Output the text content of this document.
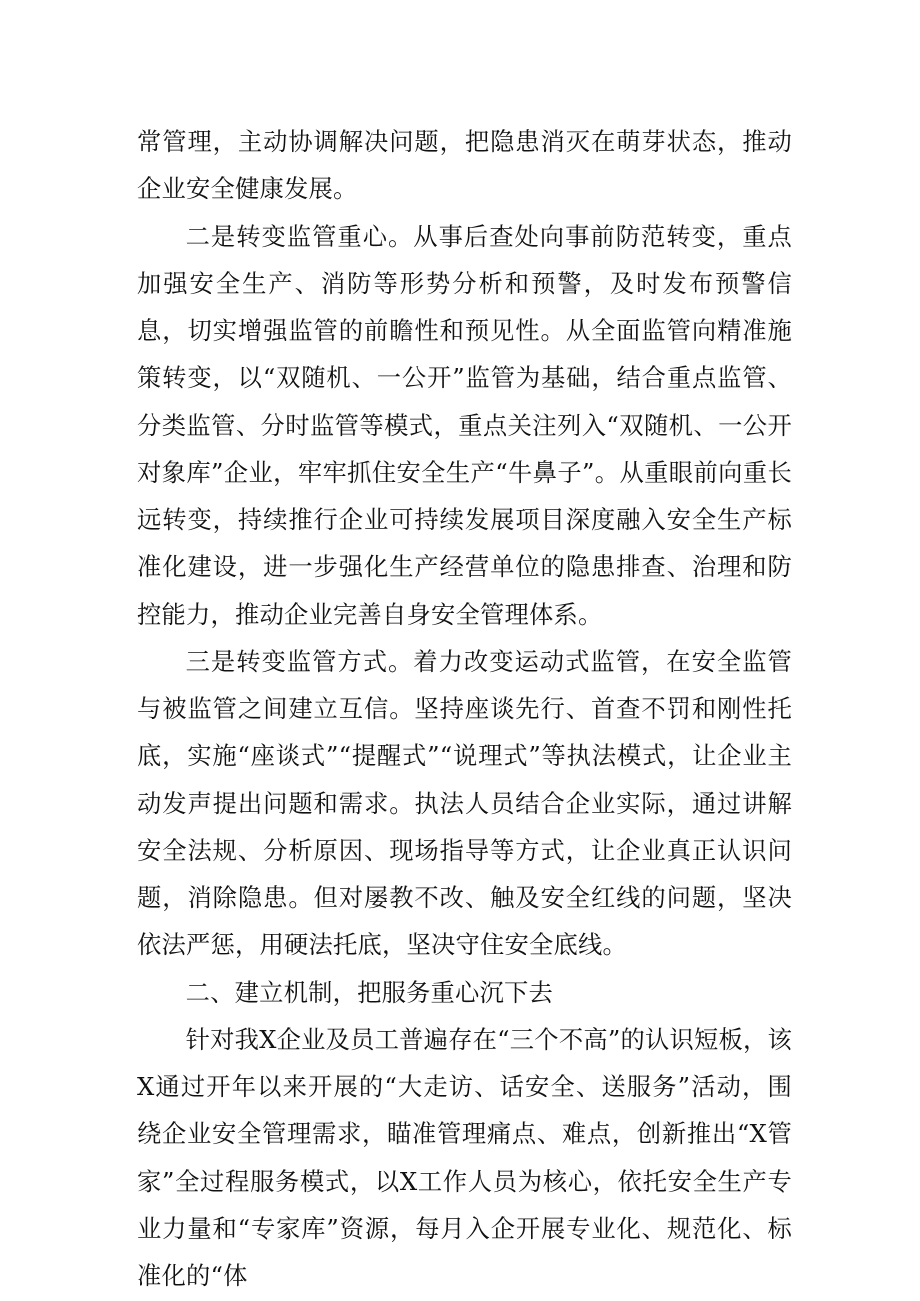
常管理，主动协调解决问题，把隐患消灭在萌芽状态，推动企业安全健康发展。

二是转变监管重心。从事后查处向事前防范转变，重点加强安全生产、消防等形势分析和预警，及时发布预警信息，切实增强监管的前瞻性和预见性。从全面监管向精准施策转变，以“双随机、一公开”监管为基础，结合重点监管、分类监管、分时监管等模式，重点关注列入“双随机、一公开对象库”企业，牢牢抓住安全生产“牛鼻子”。从重眼前向重长远转变，持续推行企业可持续发展项目深度融入安全生产标准化建设，进一步强化生产经营单位的隐患排查、治理和防控能力，推动企业完善自身安全管理体系。

三是转变监管方式。着力改变运动式监管，在安全监管与被监管之间建立互信。坚持座谈先行、首查不罚和刚性托底，实施“座谈式”“提醒式”“说理式”等执法模式，让企业主动发声提出问题和需求。执法人员结合企业实际，通过讲解安全法规、分析原因、现场指导等方式，让企业真正认识问题，消除隐患。但对屡教不改、触及安全红线的问题，坚决依法严惩，用硬法托底，坚决守住安全底线。

二、建立机制，把服务重心沉下去

针对我X企业及员工普遍存在“三个不高”的认识短板，该X通过开年以来开展的“大走访、话安全、送服务”活动，围绕企业安全管理需求，瞄准管理痛点、难点，创新推出“X管家”全过程服务模式，以X工作人员为核心，依托安全生产专业力量和“专家库”资源，每月入企开展专业化、规范化、标准化的“体
